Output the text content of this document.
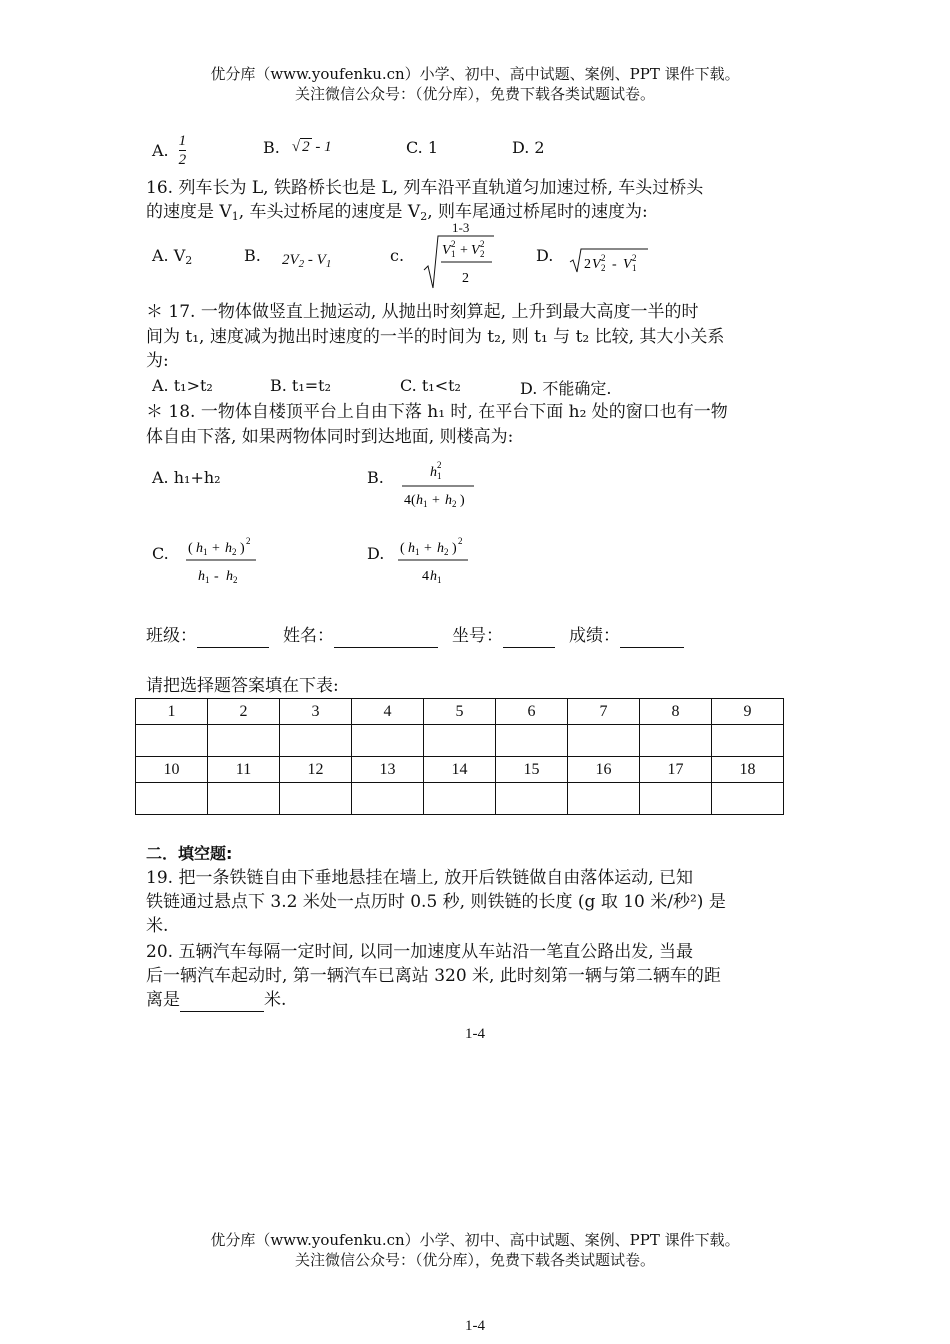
优分库（www.youfenku.cn）小学、初中、高中试题、案例、PPT 课件下载。
关注微信公众号：（优分库），免费下载各类试题试卷。
A. $\frac{1}{2}$	B. √ 2 - 1	C. 1	D. 2
16. 列车长为 L, 铁路桥长也是 L, 列车沿平直轨道匀加速过桥, 车头过桥头
的速度是 $V_1$, 车头过桥尾的速度是 $V_2$, 则车尾通过桥尾时的速度为:
1-3
A. $V_2$	B. $2V_2 - V_1$	c.	V 1
2 + V 2
2
2
D. 2 V 2
2 - V 1
2
＊ 17. 一物体做竖直上抛运动, 从抛出时刻算起, 上升到最大高度一半的时
间为 t₁, 速度减为抛出时速度的一半的时间为 t₂, 则 t₁ 与 t₂ 比较, 其大小关系
为:
A. t₁>t₂	B. t₁=t₂	C. t₁<t₂	D. 不能确定.
＊ 18. 一物体自楼顶平台上自由下落 h₁ 时, 在平台下面 h₂ 处的窗口也有一物
体自由下落, 如果两物体同时到达地面, 则楼高为:
A. h₁+h₂	B.	h 1
2
4( h 1 + h 2 )
C. ( h 1 + h 2 ) 2
h 1 - h 2
D. ( h 1 + h 2 ) 2
4 h 1
班级：	姓名：	坐号：	成绩：
请把选择题答案填在下表:
1	2	3	4	5	6	7	8	9

10	11	12	13	14	15	16	17	18

二．填空题:
19. 把一条铁链自由下垂地悬挂在墙上, 放开后铁链做自由落体运动, 已知
铁链通过悬点下 3.2 米处一点历时 0.5 秒, 则铁链的长度 (g 取 10 米/秒²) 是
米.
20. 五辆汽车每隔一定时间, 以同一加速度从车站沿一笔直公路出发, 当最
后一辆汽车起动时, 第一辆汽车已离站 320 米, 此时刻第一辆与第二辆车的距
离是	米.
1-4
优分库（www.youfenku.cn）小学、初中、高中试题、案例、PPT 课件下载。
关注微信公众号：（优分库），免费下载各类试题试卷。
1-4
